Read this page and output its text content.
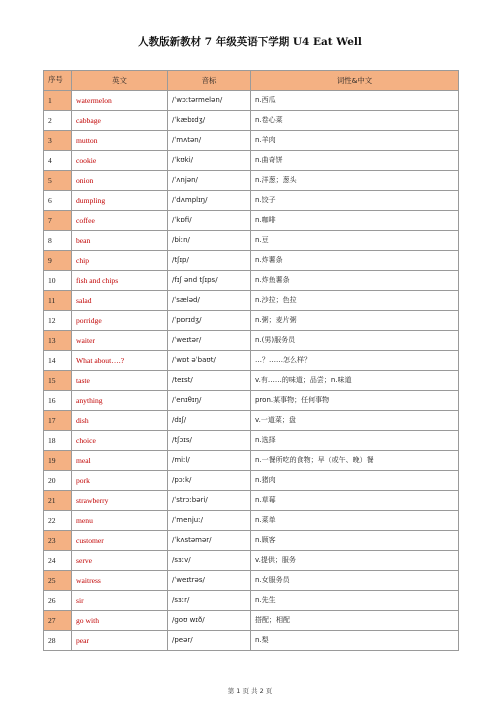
人教版新教材 7 年级英语下学期 U4 Eat Well
序号	英文	音标	词性&中文
1	watermelon	/ˈwɔːtərmelən/	n.西瓜
2	cabbage	/ˈkæbɪdʒ/	n.卷心菜
3	mutton	/ˈmʌtən/	n.羊肉
4	cookie	/ˈkʊki/	n.曲奇饼
5	onion	/ˈʌnjən/	n.洋葱；葱头
6	dumpling	/ˈdʌmplɪŋ/	n.饺子
7	coffee	/ˈkɒfi/	n.咖啡
8	bean	/biːn/	n.豆
9	chip	/tʃɪp/	n.炸薯条
10	fish and chips	/fɪʃ ənd tʃɪps/	n.炸鱼薯条
11	salad	/ˈsæləd/	n.沙拉；色拉
12	porridge	/ˈpɒrɪdʒ/	n.粥；麦片粥
13	waiter	/ˈweɪtər/	n.(男)服务员
14	What about….?	/ˈwɒt əˈbaʊt/	…？……怎么样？
15	taste	/teɪst/	v.有……的味道；品尝；n.味道
16	anything	/ˈenɪθɪŋ/	pron.某事物；任何事物
17	dish	/dɪʃ/	v.一道菜；盘
18	choice	/tʃɔɪs/	n.选择
19	meal	/miːl/	n.一餐所吃的食物；早（或午、晚）餐
20	pork	/pɔːk/	n.猪肉
21	strawberry	/ˈstrɔːbəri/	n.草莓
22	menu	/ˈmenjuː/	n.菜单
23	customer	/ˈkʌstəmər/	n.顾客
24	serve	/sɜːv/	v.提供；服务
25	waitress	/ˈweɪtrəs/	n.女服务员
26	sir	/sɜːr/	n.先生
27	go with	/ɡoʊ wɪð/	搭配；相配
28	pear	/peər/	n.梨
第 1 页 共 2 页
